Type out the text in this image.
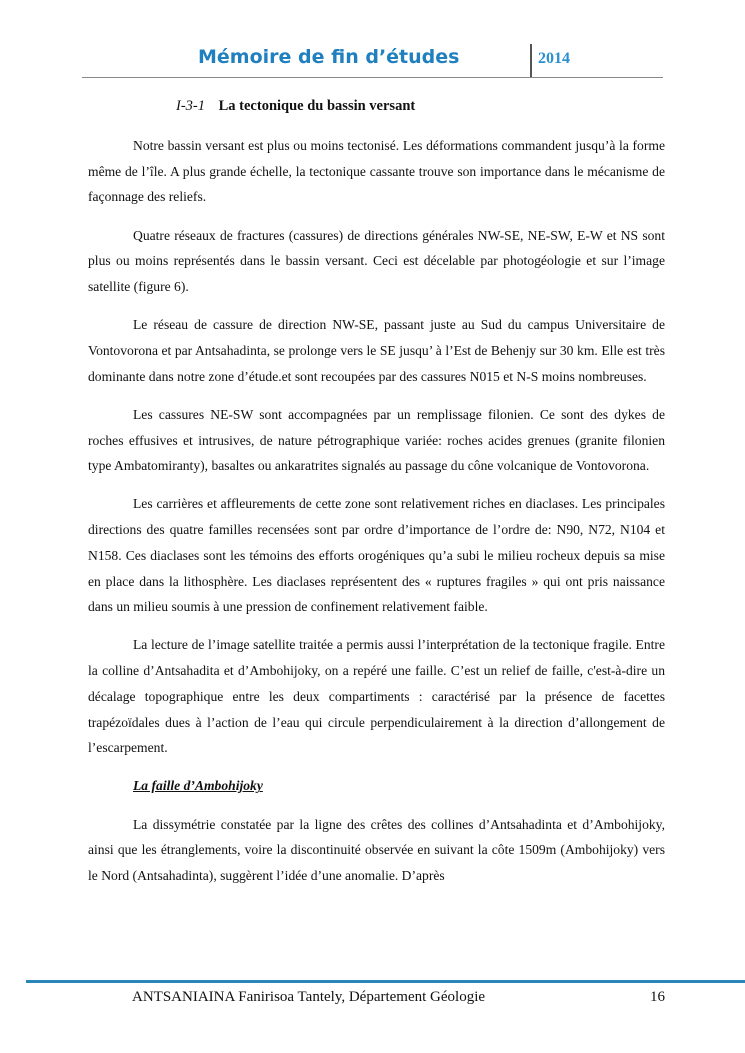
Mémoire de fin d’études	2014
I-3-1 La tectonique du bassin versant

Notre bassin versant est plus ou moins tectonisé. Les déformations commandent jusqu’à la forme même de l’île. A plus grande échelle, la tectonique cassante trouve son importance dans le mécanisme de façonnage des reliefs.

Quatre réseaux de fractures (cassures) de directions générales NW-SE, NE-SW, E-W et NS sont plus ou moins représentés dans le bassin versant. Ceci est décelable par photogéologie et sur l’image satellite (figure 6).

Le réseau de cassure de direction NW-SE, passant juste au Sud du campus Universitaire de Vontovorona et par Antsahadinta, se prolonge vers le SE jusqu’ à l’Est de Behenjy sur 30 km. Elle est très dominante dans notre zone d’étude.et sont recoupées par des cassures N015 et N-S moins nombreuses.

Les cassures NE-SW sont accompagnées par un remplissage filonien. Ce sont des dykes de roches effusives et intrusives, de nature pétrographique variée: roches acides grenues (granite filonien type Ambatomiranty), basaltes ou ankaratrites signalés au passage du cône volcanique de Vontovorona.

Les carrières et affleurements de cette zone sont relativement riches en diaclases. Les principales directions des quatre familles recensées sont par ordre d’importance de l’ordre de: N90, N72, N104 et N158. Ces diaclases sont les témoins des efforts orogéniques qu’a subi le milieu rocheux depuis sa mise en place dans la lithosphère. Les diaclases représentent des « ruptures fragiles » qui ont pris naissance dans un milieu soumis à une pression de confinement relativement faible.

La lecture de l’image satellite traitée a permis aussi l’interprétation de la tectonique fragile. Entre la colline d’Antsahadita et d’Ambohijoky, on a repéré une faille. C’est un relief de faille, c'est-à-dire un décalage topographique entre les deux compartiments : caractérisé par la présence de facettes trapézoïdales dues à l’action de l’eau qui circule perpendiculairement à la direction d’allongement de l’escarpement.

La faille d’Ambohijoky

La dissymétrie constatée par la ligne des crêtes des collines d’Antsahadinta et d’Ambohijoky, ainsi que les étranglements, voire la discontinuité observée en suivant la côte 1509m (Ambohijoky) vers le Nord (Antsahadinta), suggèrent l’idée d’une anomalie. D’après

ANTSANIAINA Fanirisoa Tantely, Département Géologie	16
